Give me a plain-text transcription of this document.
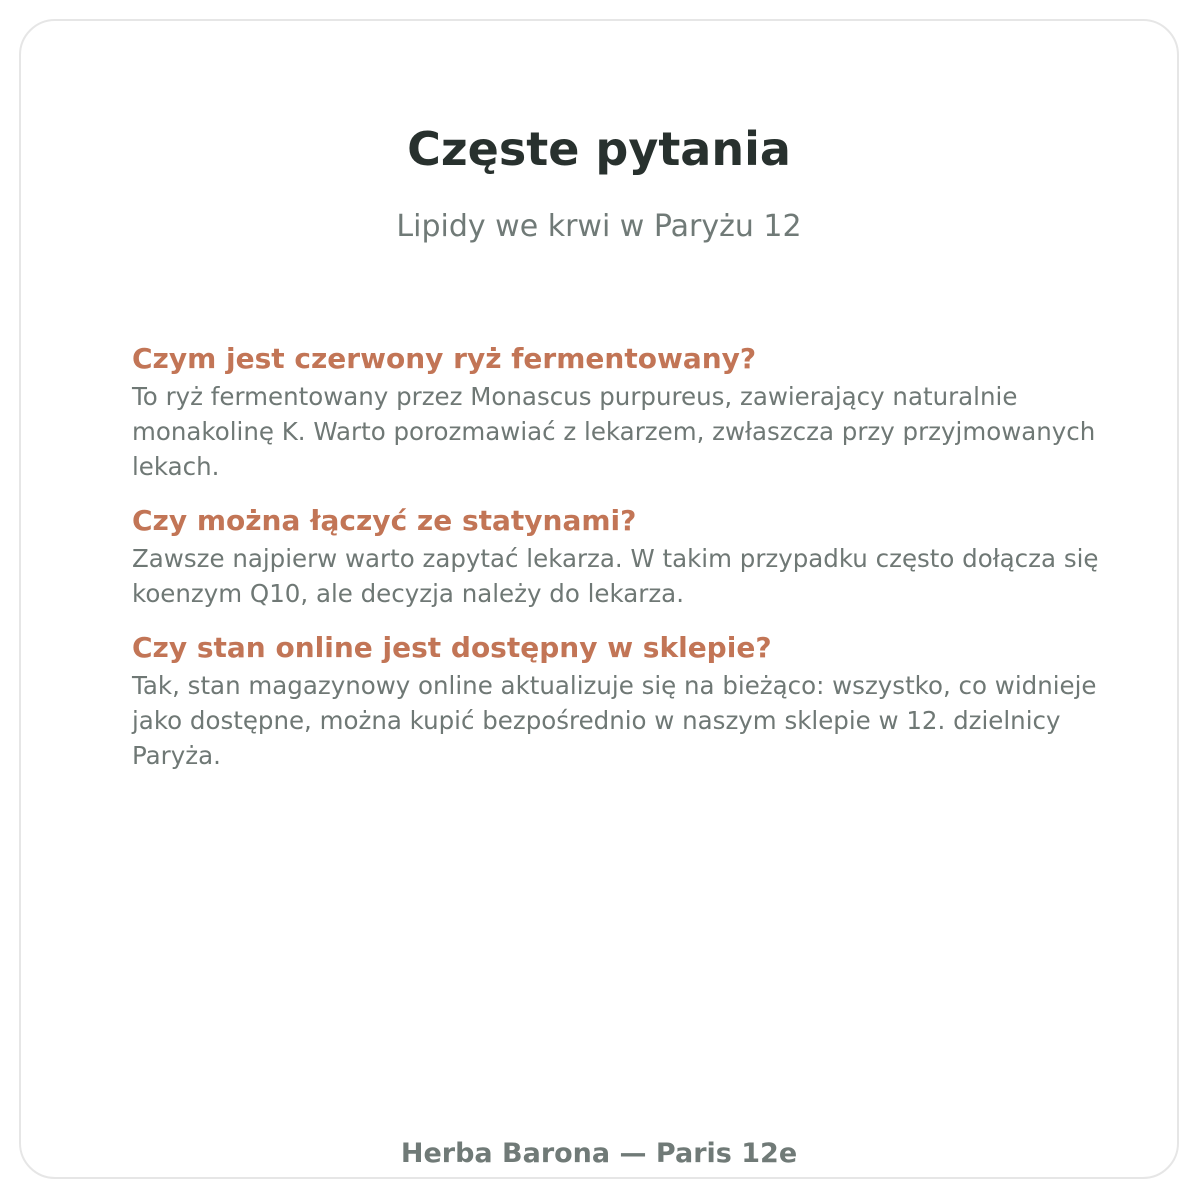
Częste pytania

Lipidy we krwi w Paryżu 12

Czym jest czerwony ryż fermentowany?

To ryż fermentowany przez Monascus purpureus, zawierający naturalnie monakolinę K. Warto porozmawiać z lekarzem, zwłaszcza przy przyjmowanych lekach.

Czy można łączyć ze statynami?

Zawsze najpierw warto zapytać lekarza. W takim przypadku często dołącza się koenzym Q10, ale decyzja należy do lekarza.

Czy stan online jest dostępny w sklepie?

Tak, stan magazynowy online aktualizuje się na bieżąco: wszystko, co widnieje jako dostępne, można kupić bezpośrednio w naszym sklepie w 12. dzielnicy Paryża.

Herba Barona — Paris 12e
